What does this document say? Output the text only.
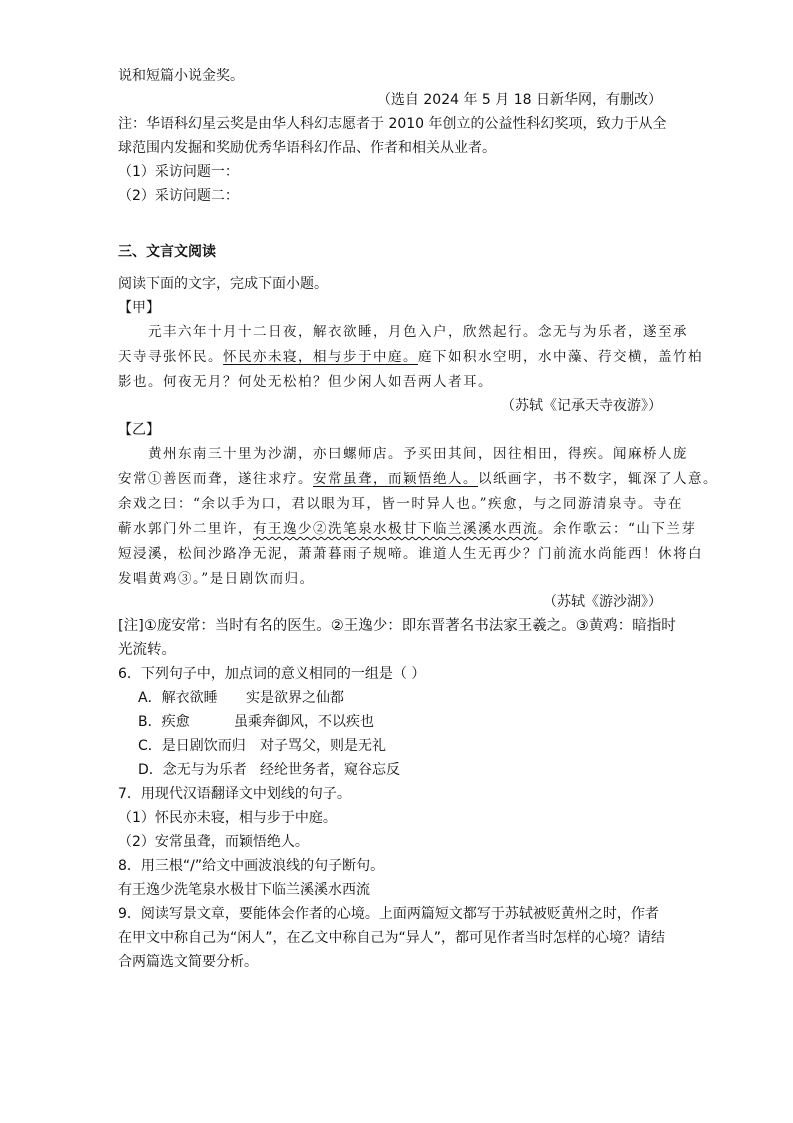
说和短篇小说金奖。
（选自 2024 年 5 月 18 日新华网，有删改）
注：华语科幻星云奖是由华人科幻志愿者于 2010 年创立的公益性科幻奖项，致力于从全
球范围内发掘和奖励优秀华语科幻作品、作者和相关从业者。
（1）采访问题一：
（2）采访问题二：
三、文言文阅读
阅读下面的文字，完成下面小题。
【甲】
元丰六年十月十二日夜，解衣欲睡，月色入户，欣然起行。念无与为乐者，遂至承
天寺寻张怀民。怀民亦未寝，相与步于中庭。庭下如积水空明，水中藻、荇交横，盖竹柏
影也。何夜无月？何处无松柏？但少闲人如吾两人者耳。
（苏轼《记承天寺夜游》）
【乙】
黄州东南三十里为沙湖，亦曰螺师店。予买田其间，因往相田，得疾。闻麻桥人庞
安常①善医而聋，遂往求疗。安常虽聋，而颖悟绝人。以纸画字，书不数字，辄深了人意。
余戏之曰：“余以手为口，君以眼为耳，皆一时异人也。”疾愈，与之同游清泉寺。寺在
蕲水郭门外二里许，有王逸少②洗笔泉水极甘下临兰溪溪水西流。余作歌云：“山下兰芽
短浸溪，松间沙路净无泥，萧萧暮雨子规啼。谁道人生无再少？门前流水尚能西！休将白
发唱黄鸡③。”是日剧饮而归。
（苏轼《游沙湖》）
[注]①庞安常：当时有名的医生。②王逸少：即东晋著名书法家王羲之。③黄鸡：暗指时
光流转。
6．下列句子中，加点词的意义相同的一组是（ ）
A．解衣欲睡 实是欲界之仙都
B．疾愈	虽乘奔御风，不以疾也
C．是日剧饮而归 对子骂父，则是无礼
D．念无与为乐者 经纶世务者，窥谷忘反
7．用现代汉语翻译文中划线的句子。
（1）怀民亦未寝，相与步于中庭。
（2）安常虽聋，而颖悟绝人。
8．用三根“/”给文中画波浪线的句子断句。
有王逸少洗笔泉水极甘下临兰溪溪水西流
9．阅读写景文章，要能体会作者的心境。上面两篇短文都写于苏轼被贬黄州之时，作者
在甲文中称自己为“闲人”，在乙文中称自己为“异人”，都可见作者当时怎样的心境？请结
合两篇选文简要分析。
